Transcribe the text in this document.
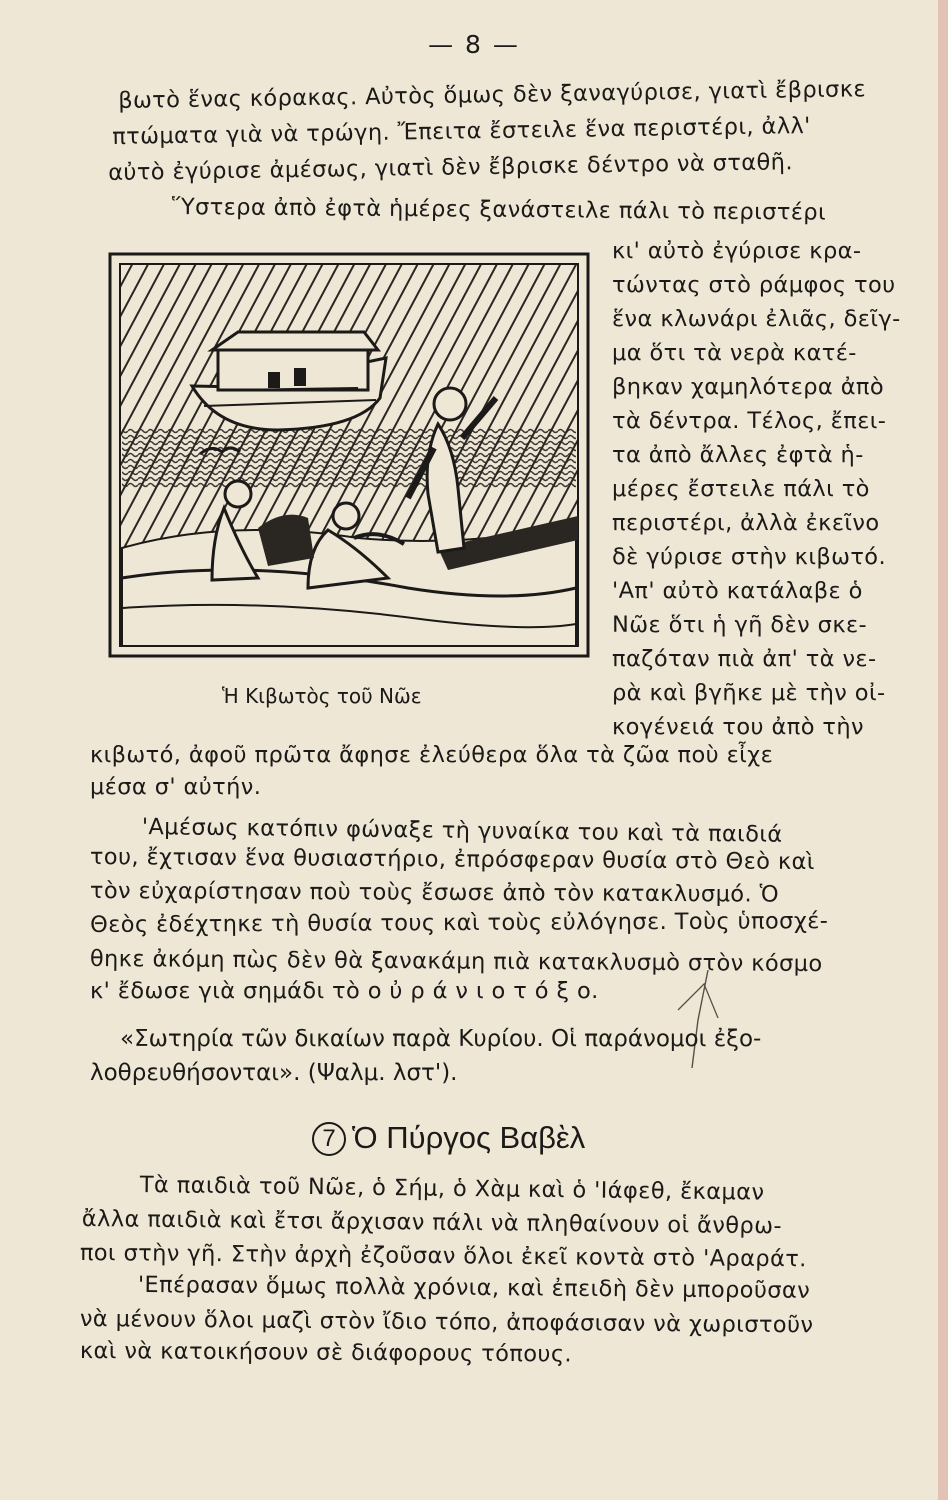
— 8 —
βωτὸ ἕνας κόρακας. Αὐτὸς ὅμως δὲν ξαναγύρισε, γιατὶ ἔβρισκε
πτώματα γιὰ νὰ τρώγη. Ἔπειτα ἔστειλε ἕνα περιστέρι, ἀλλ'
αὐτὸ ἐγύρισε ἀμέσως, γιατὶ δὲν ἔβρισκε δέντρο νὰ σταθῆ.
Ὕστερα ἀπὸ ἐφτὰ ἡμέρες ξανάστειλε πάλι τὸ περιστέρι
κι' αὐτὸ ἐγύρισε κρα-
τώντας στὸ ράμφος του
ἕνα κλωνάρι ἐλιᾶς, δεῖγ-
μα ὅτι τὰ νερὰ κατέ-
βηκαν χαμηλότερα ἀπὸ
τὰ δέντρα. Τέλος, ἔπει-
τα ἀπὸ ἄλλες ἐφτὰ ἡ-
μέρες ἔστειλε πάλι τὸ
περιστέρι, ἀλλὰ ἐκεῖνο
δὲ γύρισε στὴν κιβωτό.
'Απ' αὐτὸ κατάλαβε ὁ
Νῶε ὅτι ἡ γῆ δὲν σκε-
παζόταν πιὰ ἀπ' τὰ νε-
ρὰ καὶ βγῆκε μὲ τὴν οἰ-
κογένειά του ἀπὸ τὴν
Ἡ Κιβωτὸς τοῦ Νῶε
κιβωτό, ἀφοῦ πρῶτα ἄφησε ἐλεύθερα ὅλα τὰ ζῶα ποὺ εἶχε
μέσα σ' αὐτήν.
'Αμέσως κατόπιν φώναξε τὴ γυναίκα του καὶ τὰ παιδιά
του, ἔχτισαν ἕνα θυσιαστήριο, ἐπρόσφεραν θυσία στὸ Θεὸ καὶ
τὸν εὐχαρίστησαν ποὺ τοὺς ἔσωσε ἀπὸ τὸν κατακλυσμό. Ὁ
Θεὸς ἐδέχτηκε τὴ θυσία τους καὶ τοὺς εὐλόγησε. Τοὺς ὑποσχέ-
θηκε ἀκόμη πὼς δὲν θὰ ξανακάμη πιὰ κατακλυσμὸ στὸν κόσμο
κ' ἔδωσε γιὰ σημάδι τὸ ο ὐ ρ ά ν ι ο τ ό ξ ο.
«Σωτηρία τῶν δικαίων παρὰ Κυρίου. Οἱ παράνομοι ἐξο-
λοθρευθήσονται». (Ψαλμ. λστ').
7 Ὁ Πύργος Βαβὲλ
Τὰ παιδιὰ τοῦ Νῶε, ὁ Σήμ, ὁ Χὰμ καὶ ὁ 'Ιάφεθ, ἔκαμαν
ἄλλα παιδιὰ καὶ ἔτσι ἄρχισαν πάλι νὰ πληθαίνουν οἱ ἄνθρω-
ποι στὴν γῆ. Στὴν ἀρχὴ ἐζοῦσαν ὅλοι ἐκεῖ κοντὰ στὸ 'Αραράτ.
'Επέρασαν ὅμως πολλὰ χρόνια, καὶ ἐπειδὴ δὲν μποροῦσαν
νὰ μένουν ὅλοι μαζὶ στὸν ἴδιο τόπο, ἀποφάσισαν νὰ χωριστοῦν
καὶ νὰ κατοικήσουν σὲ διάφορους τόπους.
